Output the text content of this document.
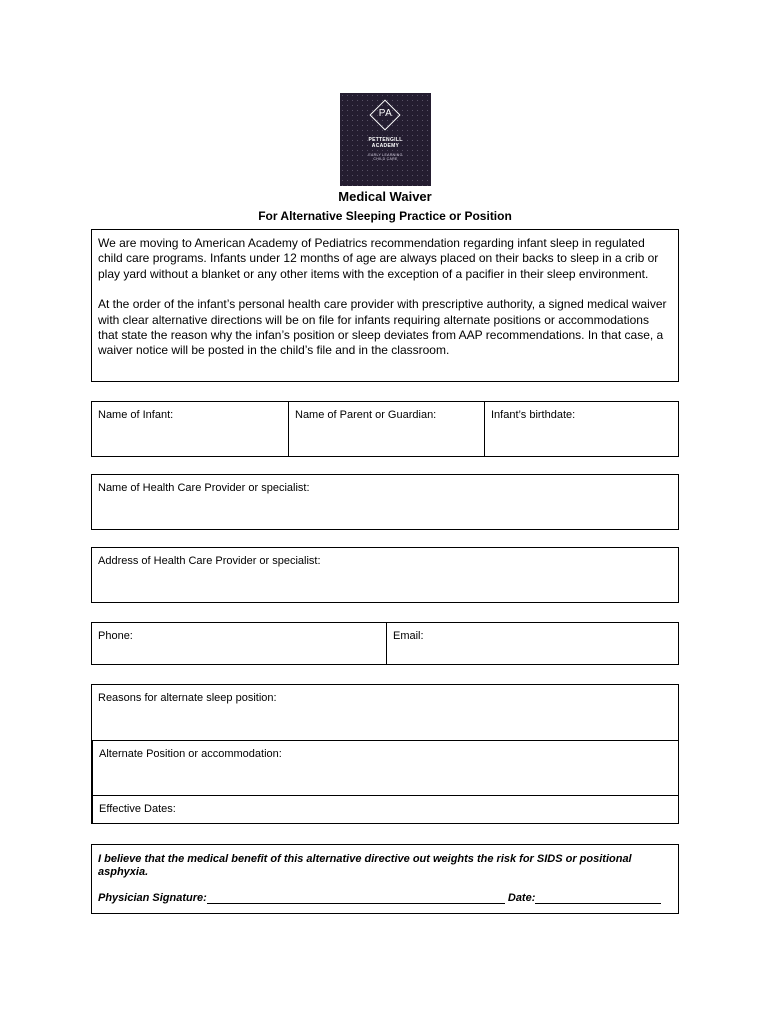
PA
PETTENGILL
ACADEMY
EARLY LEARNING
CHILD CARE
Medical Waiver
For Alternative Sleeping Practice or Position

We are moving to American Academy of Pediatrics recommendation regarding infant sleep in regulated child care programs. Infants under 12 months of age are always placed on their backs to sleep in a crib or play yard without a blanket or any other items with the exception of a pacifier in their sleep environment.

At the order of the infant’s personal health care provider with prescriptive authority, a signed medical waiver with clear alternative directions will be on file for infants requiring alternate positions or accommodations that state the reason why the infan’s position or sleep deviates from AAP recommendations. In that case, a waiver notice will be posted in the child’s file and in the classroom.

Name of Infant:	Name of Parent or Guardian:	Infant’s birthdate:
Name of Health Care Provider or specialist:
Address of Health Care Provider or specialist:
Phone:	Email:
Reasons for alternate sleep position:
Alternate Position or accommodation:
Effective Dates:
I believe that the medical benefit of this alternative directive out weights the risk for SIDS or positional asphyxia.
Physician Signature:	Date:
